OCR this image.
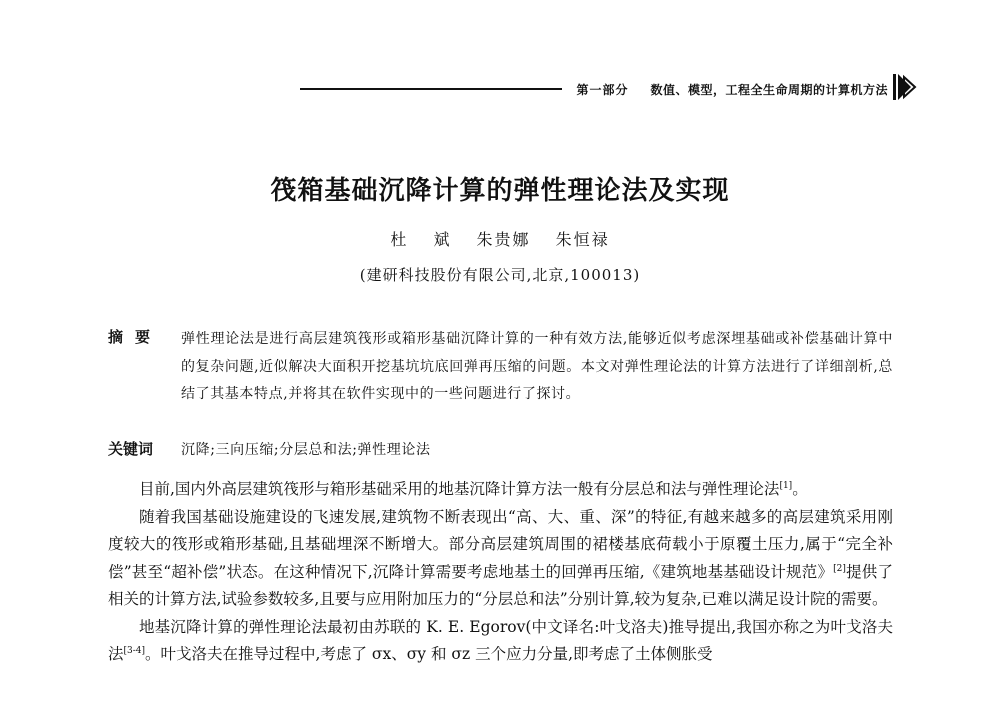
第一部分 数值、模型，工程全生命周期的计算机方法
筏箱基础沉降计算的弹性理论法及实现
杜 斌 朱贵娜 朱恒禄
(建研科技股份有限公司,北京,100013)
摘要 弹性理论法是进行高层建筑筏形或箱形基础沉降计算的一种有效方法,能够近似考虑深埋基础或补偿基础计算中的复杂问题,近似解决大面积开挖基坑坑底回弹再压缩的问题。本文对弹性理论法的计算方法进行了详细剖析,总结了其基本特点,并将其在软件实现中的一些问题进行了探讨。
关键词 沉降;三向压缩;分层总和法;弹性理论法

目前,国内外高层建筑筏形与箱形基础采用的地基沉降计算方法一般有分层总和法与弹性理论法[1]。

随着我国基础设施建设的飞速发展,建筑物不断表现出“高、大、重、深”的特征,有越来越多的高层建筑采用刚度较大的筏形或箱形基础,且基础埋深不断增大。部分高层建筑周围的裙楼基底荷载小于原覆土压力,属于“完全补偿”甚至“超补偿”状态。在这种情况下,沉降计算需要考虑地基土的回弹再压缩,《建筑地基基础设计规范》[2]提供了相关的计算方法,试验参数较多,且要与应用附加压力的“分层总和法”分别计算,较为复杂,已难以满足设计院的需要。

地基沉降计算的弹性理论法最初由苏联的 K. E. Egorov(中文译名:叶戈洛夫)推导提出,我国亦称之为叶戈洛夫法[3-4]。叶戈洛夫在推导过程中,考虑了 σx、σy 和 σz 三个应力分量,即考虑了土体侧胀受
